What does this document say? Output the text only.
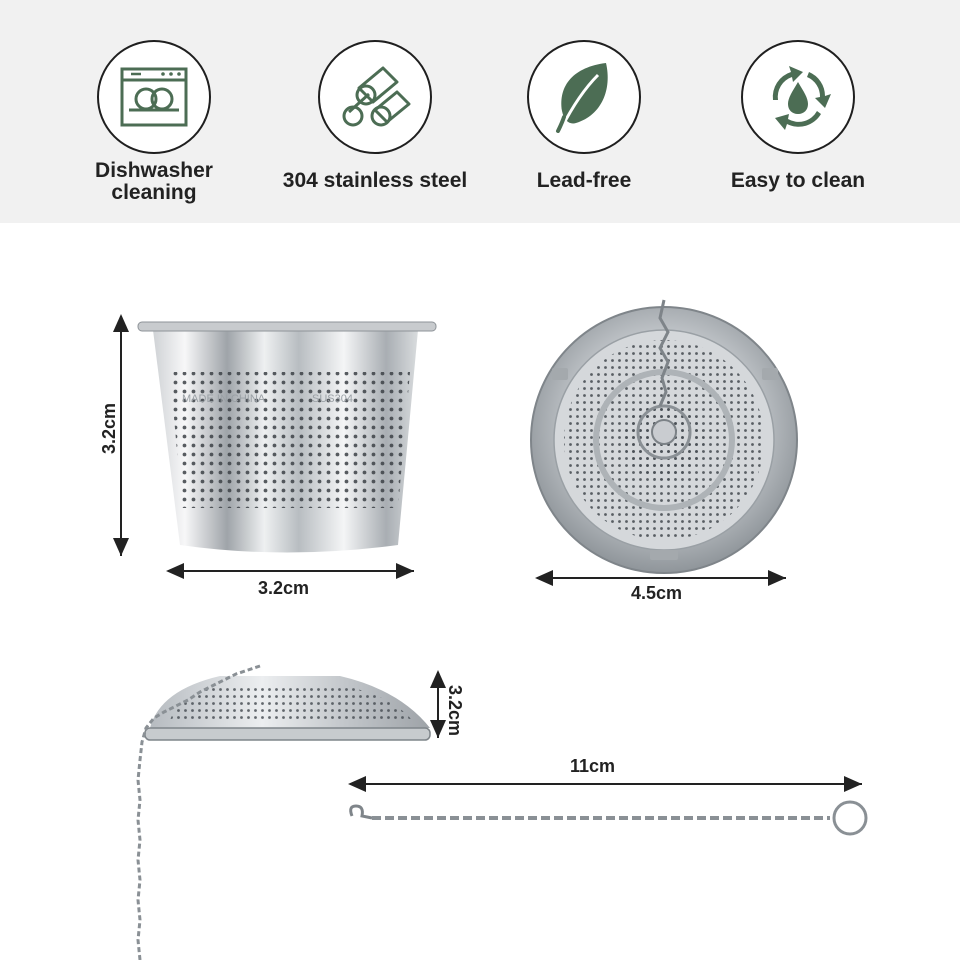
Dishwasher
cleaning
304 stainless steel	Lead-free	Easy to clean
MADE IN CHINA	SUS304
3.2cm
3.2cm	4.5cm
3.2cm
11cm
